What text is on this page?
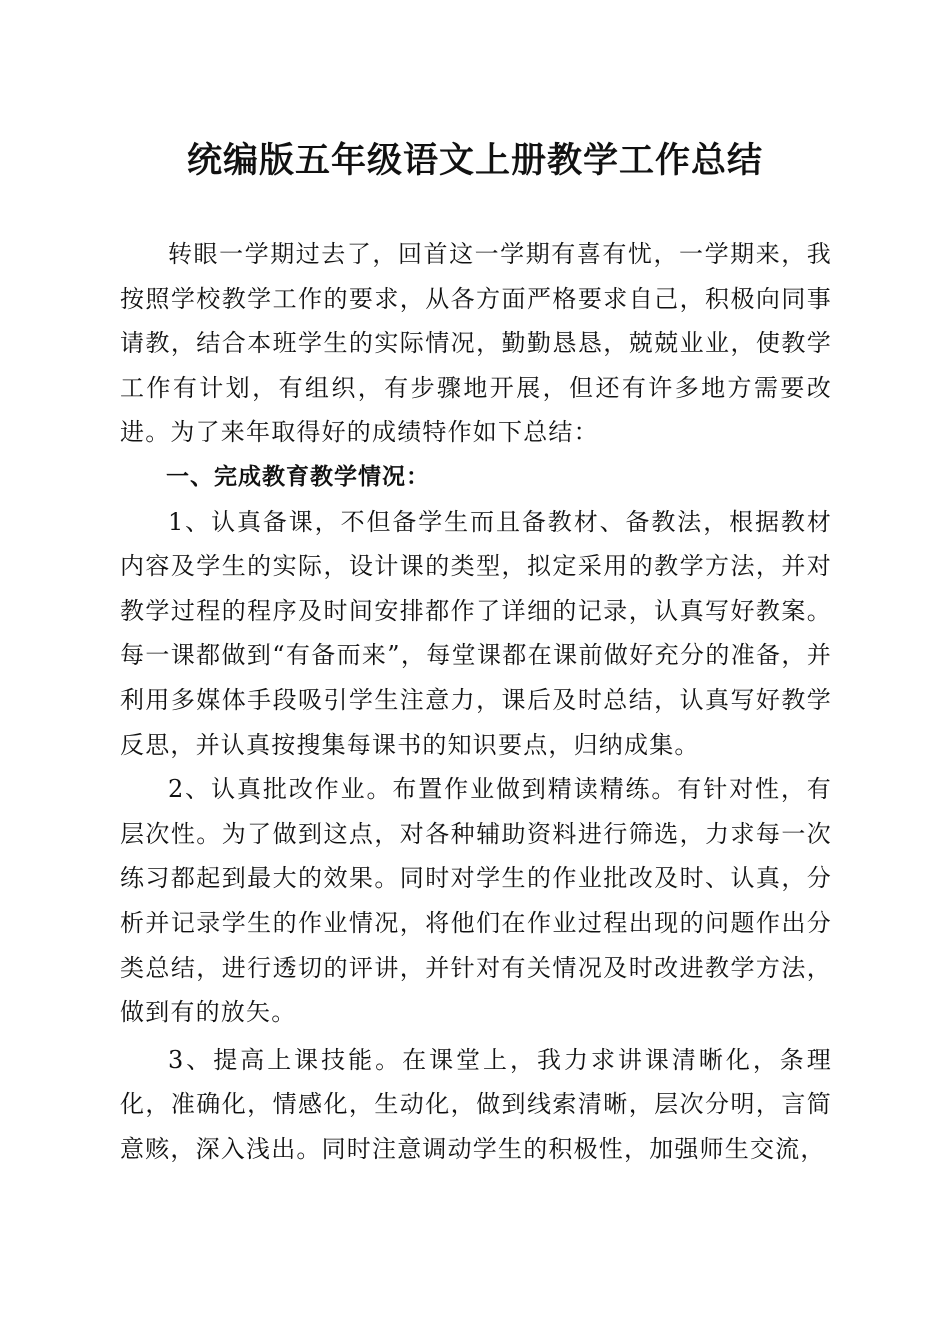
统编版五年级语文上册教学工作总结

转眼一学期过去了，回首这一学期有喜有忧，一学期来，我按照学校教学工作的要求，从各方面严格要求自己，积极向同事请教，结合本班学生的实际情况，勤勤恳恳，兢兢业业，使教学工作有计划，有组织，有步骤地开展，但还有许多地方需要改进。为了来年取得好的成绩特作如下总结：

一、完成教育教学情况：

1、认真备课，不但备学生而且备教材、备教法，根据教材内容及学生的实际，设计课的类型，拟定采用的教学方法，并对教学过程的程序及时间安排都作了详细的记录，认真写好教案。每一课都做到“有备而来”，每堂课都在课前做好充分的准备，并利用多媒体手段吸引学生注意力，课后及时总结，认真写好教学反思，并认真按搜集每课书的知识要点，归纳成集。

2、认真批改作业。布置作业做到精读精练。有针对性，有层次性。为了做到这点，对各种辅助资料进行筛选，力求每一次练习都起到最大的效果。同时对学生的作业批改及时、认真，分析并记录学生的作业情况，将他们在作业过程出现的问题作出分类总结，进行透切的评讲，并针对有关情况及时改进教学方法，做到有的放矢。

3、提高上课技能。在课堂上，我力求讲课清晰化，条理化，准确化，情感化，生动化，做到线索清晰，层次分明，言简意赅，深入浅出。同时注意调动学生的积极性，加强师生交流，
